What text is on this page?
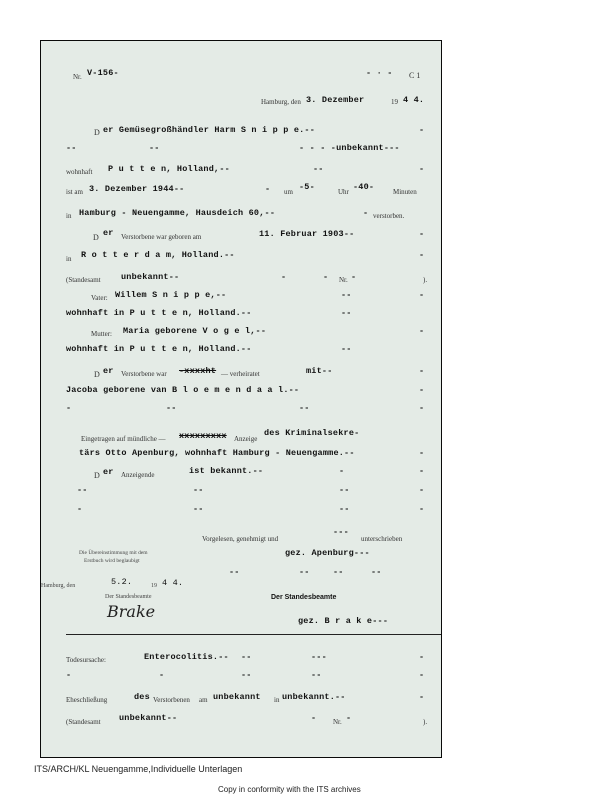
Nr. V-156-	- · - C 1
Hamburg, den 3. Dezember	19 4 4.
D er Gemüsegroßhändler Harm S n i p p e.--	-
--	--	- - - -unbekannt---
wohnhaft P u t t e n, Holland,--	--	-
ist am 3. Dezember 1944--	- um -5-	Uhr -40-	Minuten
in Hamburg - Neuengamme, Hausdeich 60,--	- verstorben.
D er Verstorbene war geboren am	11. Februar 1903--	-
in R o t t e r d a m, Holland.--	-
(Standesamt unbekannt--	-	- Nr. -	).
Vater: Willem S n i p p e,--	--	-
wohnhaft in P u t t e n, Holland.--	--
Mutter: Maria geborene V o g e l,--	-
wohnhaft in P u t t e n, Holland.--	--
D er Verstorbene war -xxxxht — verheiratet	mit--	-
Jacoba geborene van B l o e m e n d a a l.--	-
-	--	--	-
Eingetragen auf mündliche — xxxxxxxxx Anzeige
des Kriminalsekre-
tärs Otto Apenburg, wohnhaft Hamburg - Neuengamme.--	-
D er Anzeigende	ist bekannt.--	-	-
--	--	--	-
-	--	--	-
Vorgelesen, genehmigt und
---
unterschrieben
Die Übereinstimmung mit dem
Erstbuch wird beglaubigt
gez. Apenburg---
--	--	--	--
Hamburg, den	5.2.	19 4 4.
Der Standesbeamte	Der Standesbeamte
Brake	gez. B r a k e---
Todesursache:	Enterocolitis.-- --	---	-
-	-	--	--	-
Eheschließung	des Verstorbenen am unbekannt in unbekannt.--	-
(Standesamt unbekannt--	- Nr. -	).
ITS/ARCH/KL Neuengamme,Individuelle Unterlagen
Copy in conformity with the ITS archives
